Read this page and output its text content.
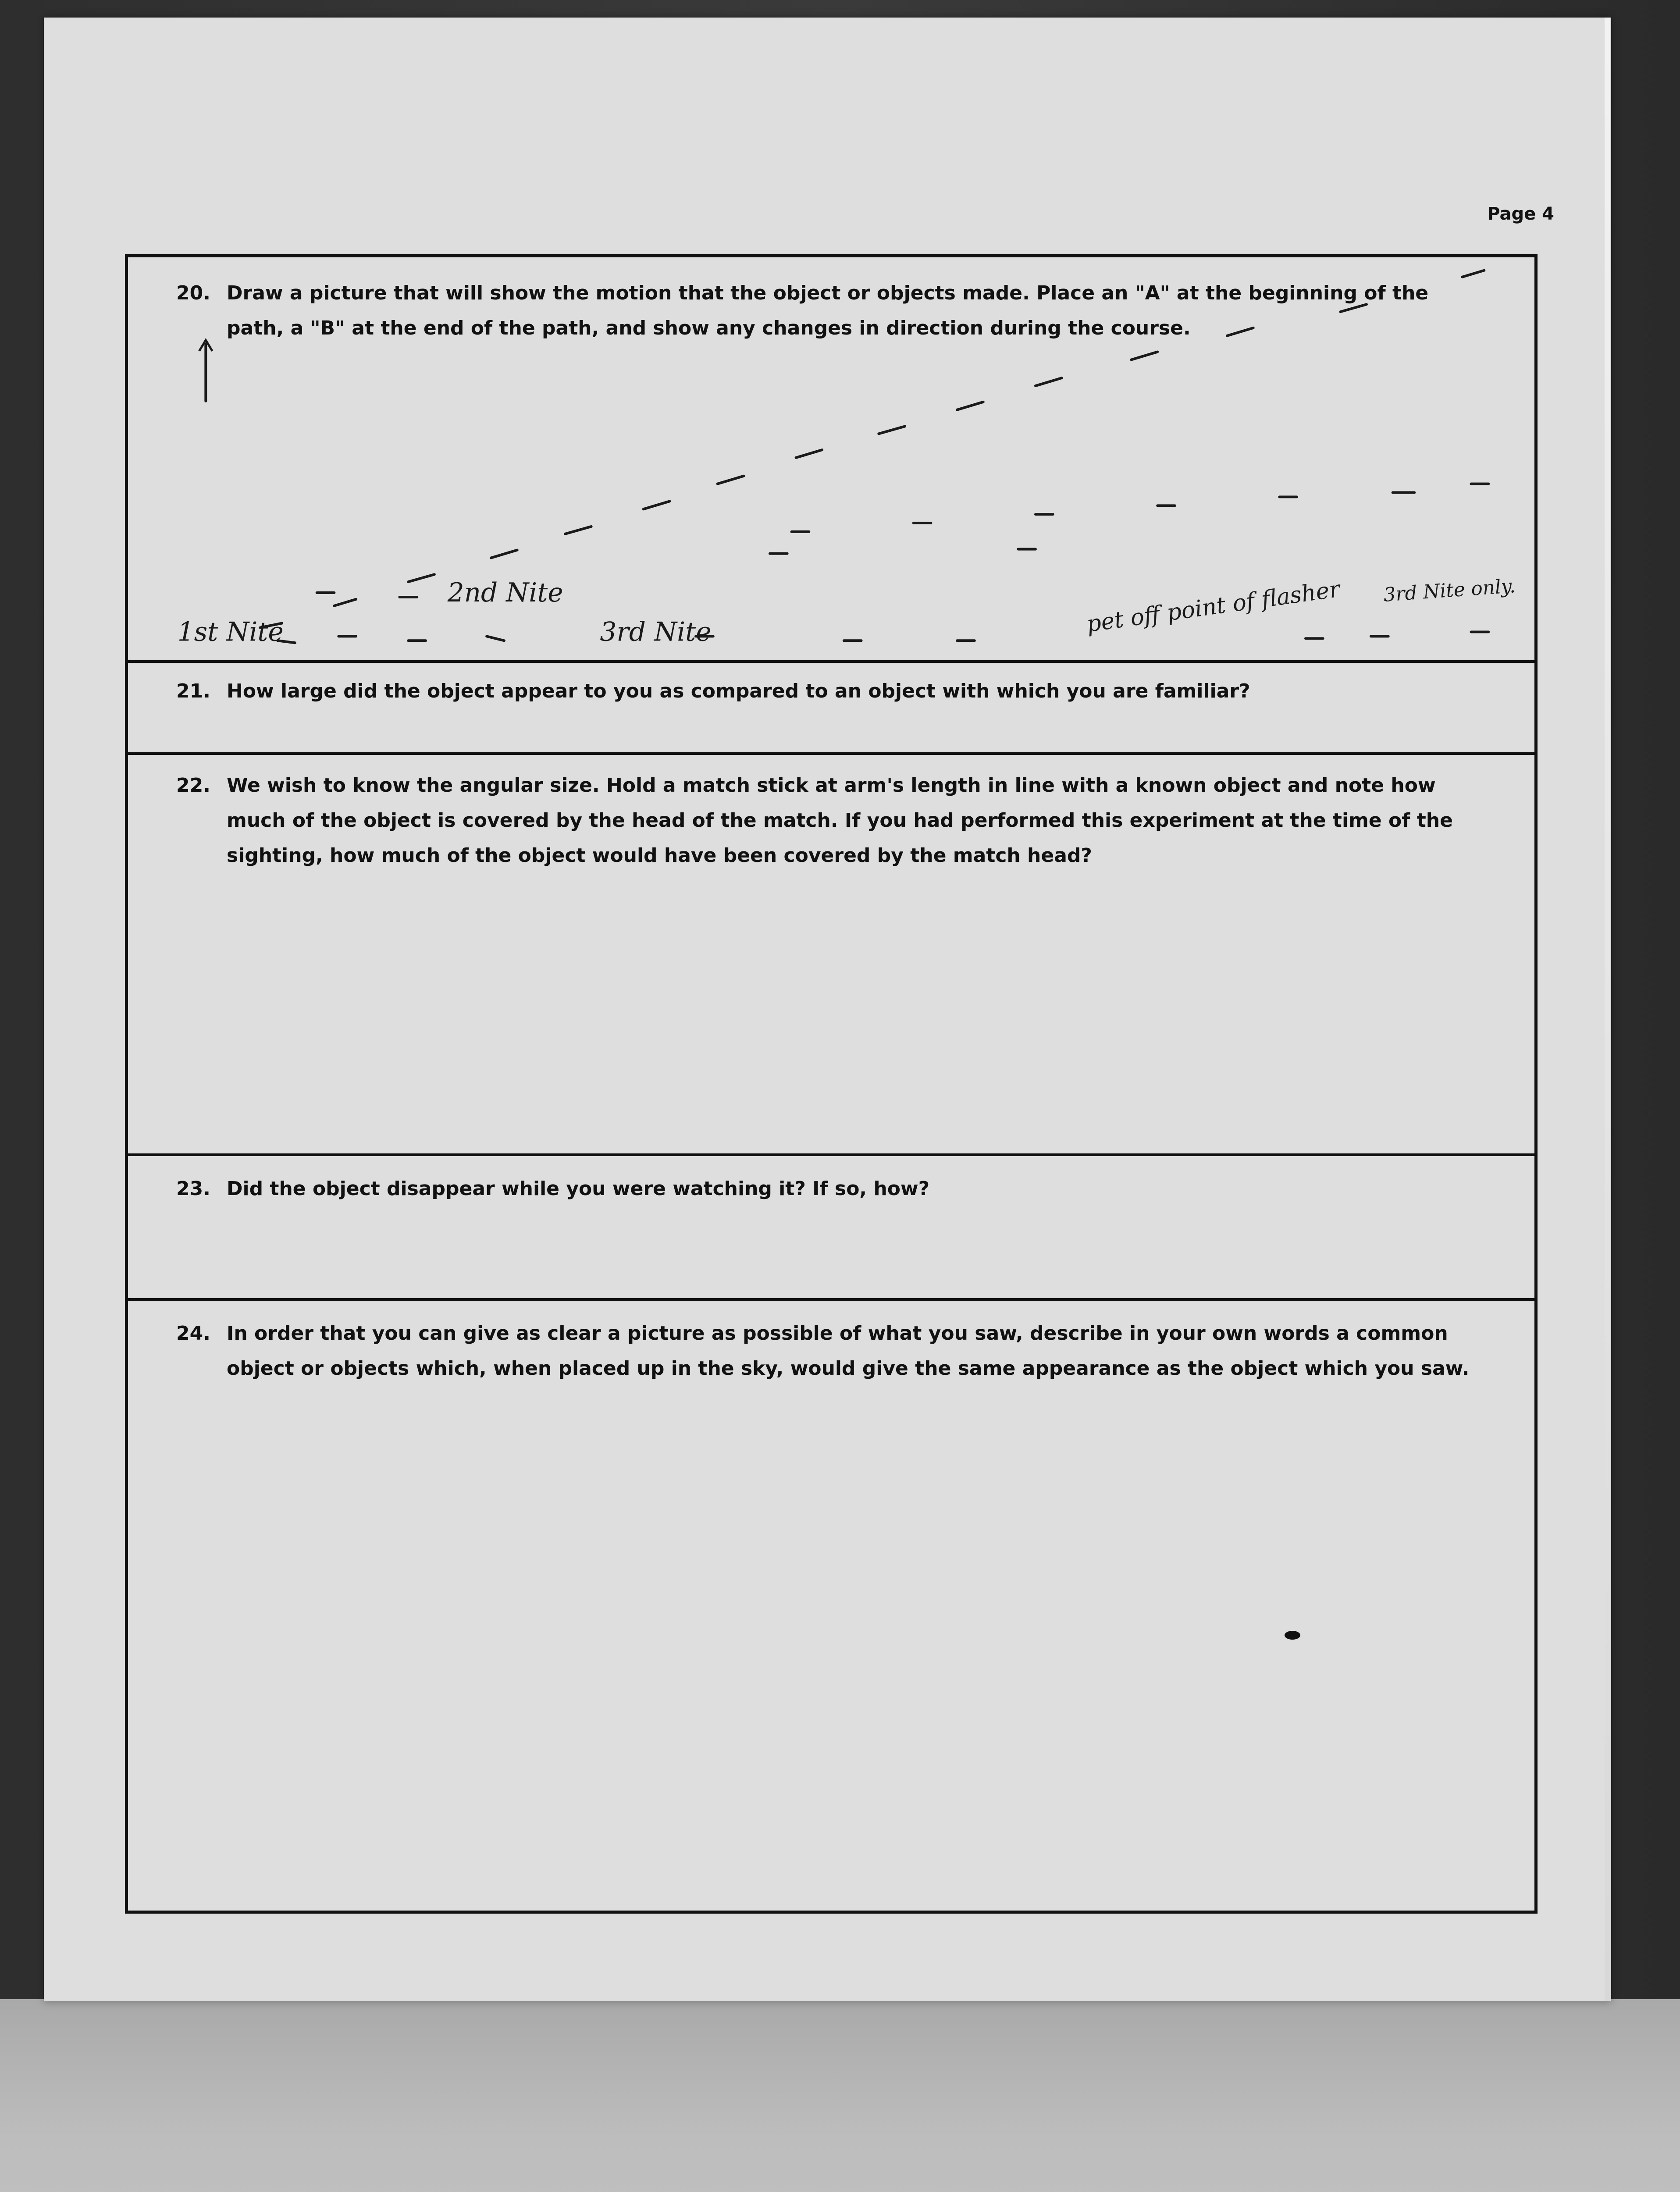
Page 4
20. Draw a picture that will show the motion that the object or objects made. Place an "A" at the beginning of the path, a "B" at the end of the path, and show any changes in direction during the course.
1st Nite
2nd Nite
3rd Nite	pet off point of flasher 3rd Nite only.
21. How large did the object appear to you as compared to an object with which you are familiar?
22. We wish to know the angular size. Hold a match stick at arm's length in line with a known object and note how much of the object is covered by the head of the match. If you had performed this experiment at the time of the sighting, how much of the object would have been covered by the match head?
23. Did the object disappear while you were watching it? If so, how?
24. In order that you can give as clear a picture as possible of what you saw, describe in your own words a common object or objects which, when placed up in the sky, would give the same appearance as the object which you saw.
